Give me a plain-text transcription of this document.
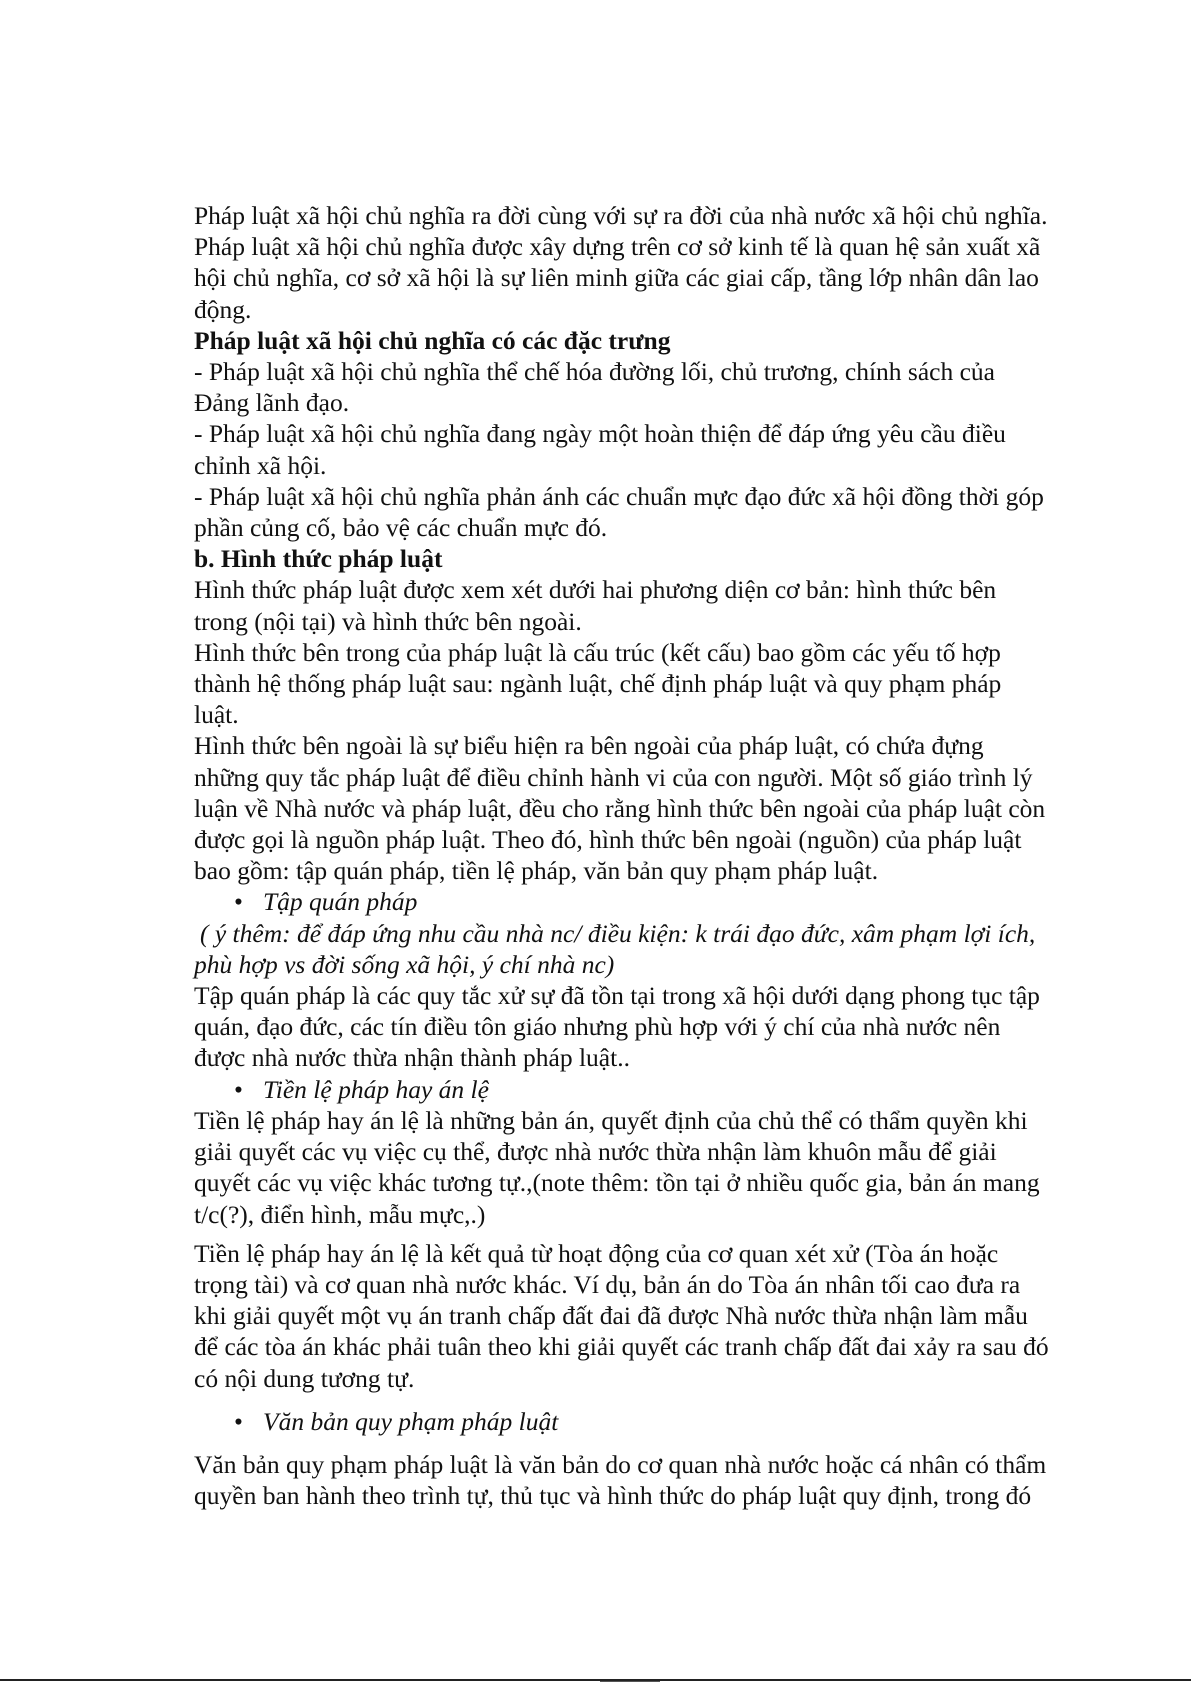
Pháp luật xã hội chủ nghĩa ra đời cùng với sự ra đời của nhà nước xã hội chủ nghĩa.
Pháp luật xã hội chủ nghĩa được xây dựng trên cơ sở kinh tế là quan hệ sản xuất xã
hội chủ nghĩa, cơ sở xã hội là sự liên minh giữa các giai cấp, tầng lớp nhân dân lao
động.
Pháp luật xã hội chủ nghĩa có các đặc trưng
- Pháp luật xã hội chủ nghĩa thể chế hóa đường lối, chủ trương, chính sách của
Đảng lãnh đạo.
- Pháp luật xã hội chủ nghĩa đang ngày một hoàn thiện để đáp ứng yêu cầu điều
chỉnh xã hội.
- Pháp luật xã hội chủ nghĩa phản ánh các chuẩn mực đạo đức xã hội đồng thời góp
phần củng cố, bảo vệ các chuẩn mực đó.
b. Hình thức pháp luật
Hình thức pháp luật được xem xét dưới hai phương diện cơ bản: hình thức bên
trong (nội tại) và hình thức bên ngoài.
Hình thức bên trong của pháp luật là cấu trúc (kết cấu) bao gồm các yếu tố hợp
thành hệ thống pháp luật sau: ngành luật, chế định pháp luật và quy phạm pháp
luật.
Hình thức bên ngoài là sự biểu hiện ra bên ngoài của pháp luật, có chứa đựng
những quy tắc pháp luật để điều chỉnh hành vi của con người. Một số giáo trình lý
luận về Nhà nước và pháp luật, đều cho rằng hình thức bên ngoài của pháp luật còn
được gọi là nguồn pháp luật. Theo đó, hình thức bên ngoài (nguồn) của pháp luật
bao gồm: tập quán pháp, tiền lệ pháp, văn bản quy phạm pháp luật.
• Tập quán pháp
( ý thêm: để đáp ứng nhu cầu nhà nc/ điều kiện: k trái đạo đức, xâm phạm lợi ích,
phù hợp vs đời sống xã hội, ý chí nhà nc)
Tập quán pháp là các quy tắc xử sự đã tồn tại trong xã hội dưới dạng phong tục tập
quán, đạo đức, các tín điều tôn giáo nhưng phù hợp với ý chí của nhà nước nên
được nhà nước thừa nhận thành pháp luật..
• Tiền lệ pháp hay án lệ
Tiền lệ pháp hay án lệ là những bản án, quyết định của chủ thể có thẩm quyền khi
giải quyết các vụ việc cụ thể, được nhà nước thừa nhận làm khuôn mẫu để giải
quyết các vụ việc khác tương tự.,(note thêm: tồn tại ở nhiều quốc gia, bản án mang
t/c(?), điển hình, mẫu mực,.)
Tiền lệ pháp hay án lệ là kết quả từ hoạt động của cơ quan xét xử (Tòa án hoặc
trọng tài) và cơ quan nhà nước khác. Ví dụ, bản án do Tòa án nhân tối cao đưa ra
khi giải quyết một vụ án tranh chấp đất đai đã được Nhà nước thừa nhận làm mẫu
để các tòa án khác phải tuân theo khi giải quyết các tranh chấp đất đai xảy ra sau đó
có nội dung tương tự.
• Văn bản quy phạm pháp luật
Văn bản quy phạm pháp luật là văn bản do cơ quan nhà nước hoặc cá nhân có thẩm
quyền ban hành theo trình tự, thủ tục và hình thức do pháp luật quy định, trong đó
